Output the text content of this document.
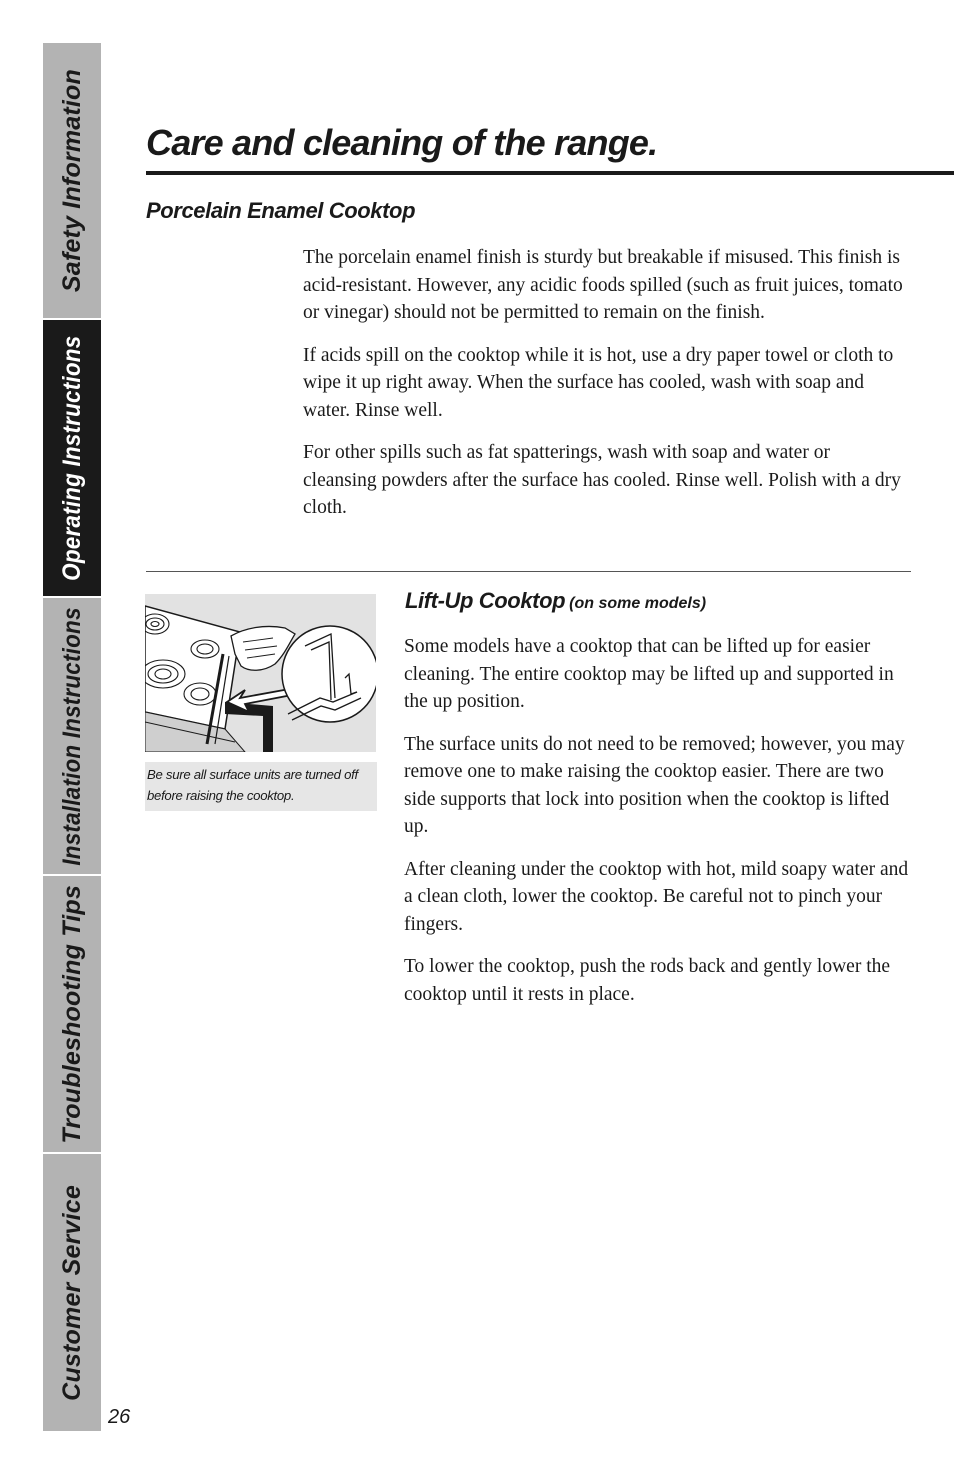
Safety Information
Operating Instructions
Installation Instructions
Troubleshooting Tips
Customer Service
26
Care and cleaning of the range.
Porcelain Enamel Cooktop

The porcelain enamel finish is sturdy but breakable if misused. This finish is acid-resistant. However, any acidic foods spilled (such as fruit juices, tomato or vinegar) should not be permitted to remain on the finish.

If acids spill on the cooktop while it is hot, use a dry paper towel or cloth to wipe it up right away. When the surface has cooled, wash with soap and water. Rinse well.

For other spills such as fat spatterings, wash with soap and water or cleansing powders after the surface has cooled. Rinse well. Polish with a dry cloth.

Be sure all surface units are turned off before raising the cooktop.
Lift-Up Cooktop (on some models)

Some models have a cooktop that can be lifted up for easier cleaning. The entire cooktop may be lifted up and supported in the up position.

The surface units do not need to be removed; however, you may remove one to make raising the cooktop easier. There are two side supports that lock into position when the cooktop is lifted up.

After cleaning under the cooktop with hot, mild soapy water and a clean cloth, lower the cooktop. Be careful not to pinch your fingers.

To lower the cooktop, push the rods back and gently lower the cooktop until it rests in place.
